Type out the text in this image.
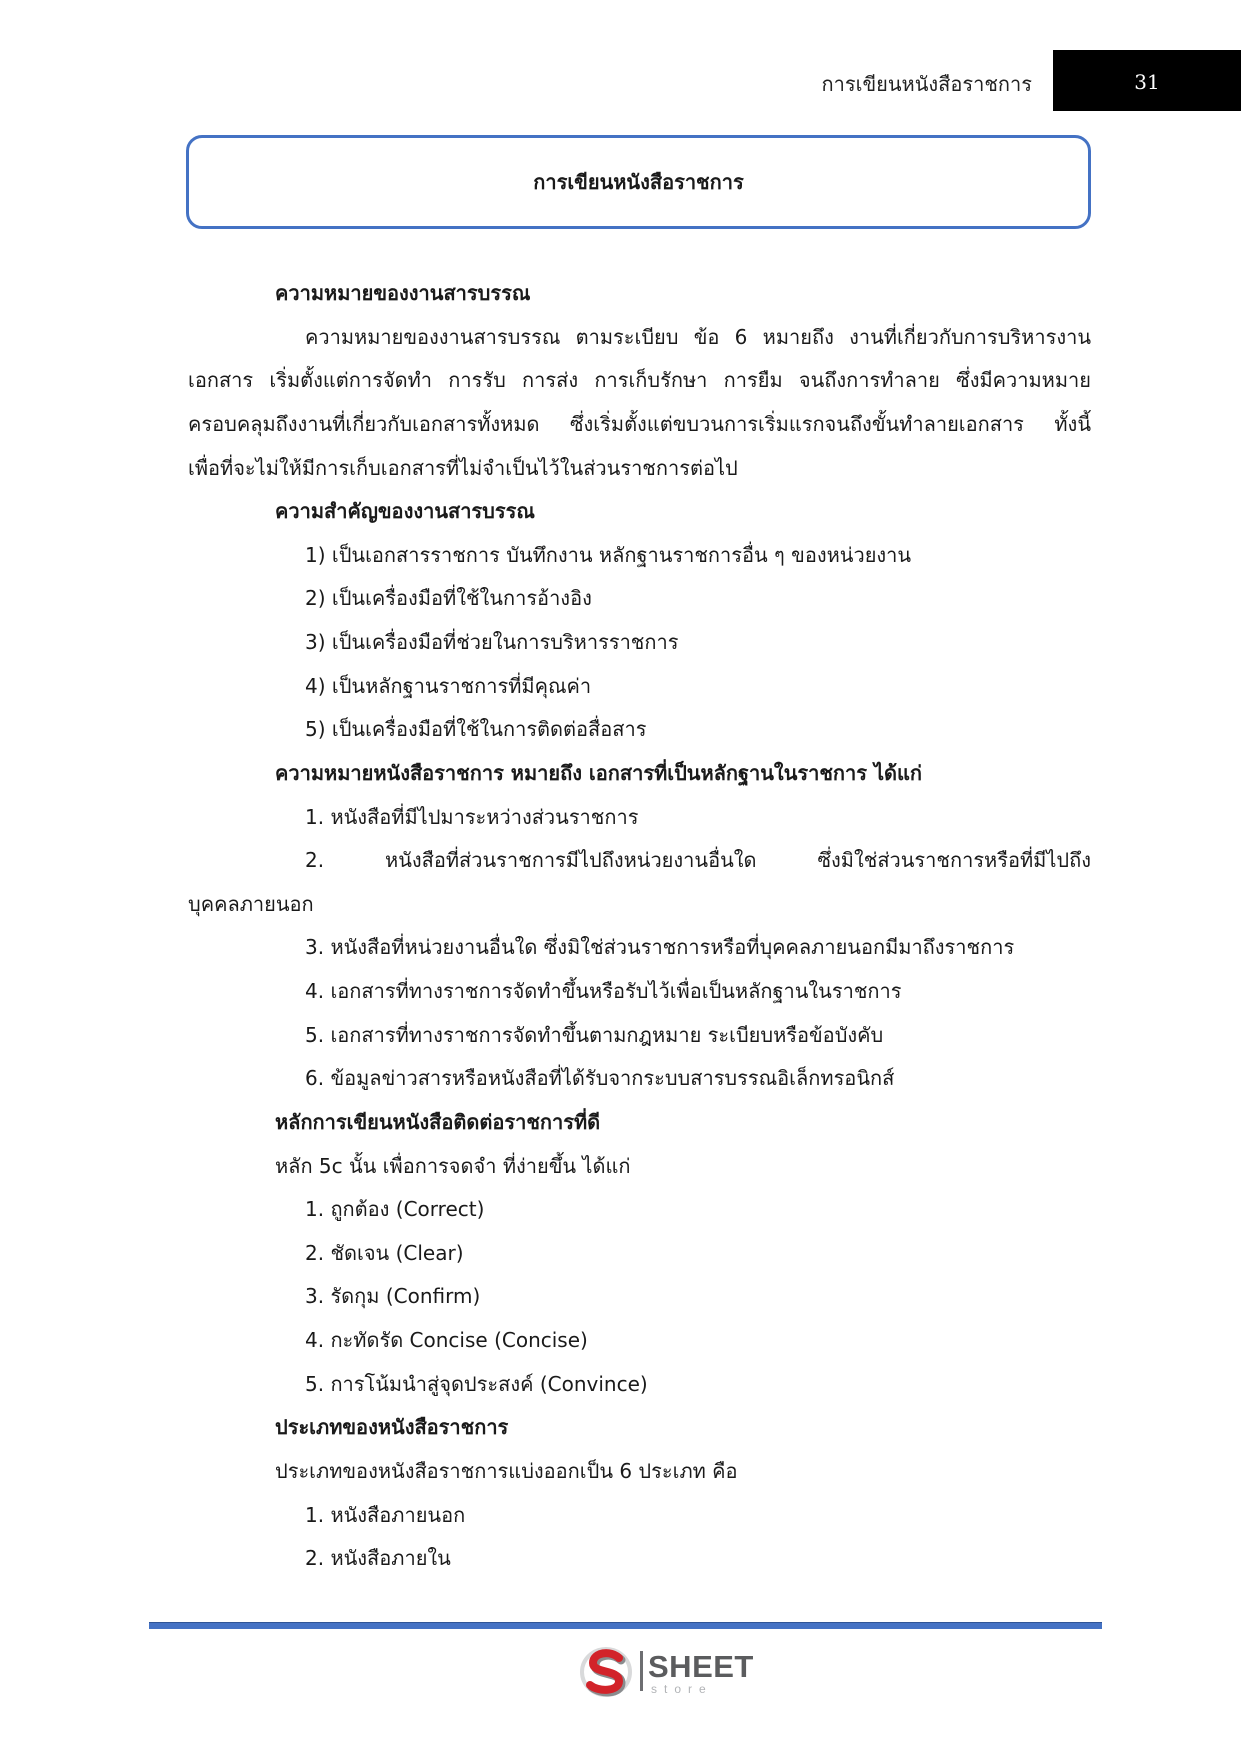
การเขียนหนังสือราชการ	31
การเขียนหนังสือราชการ
ความหมายของงานสารบรรณ
ความหมายของงานสารบรรณ ตามระเบียบ ข้อ 6 หมายถึง งานที่เกี่ยวกับการบริหารงาน
เอกสาร เริ่มตั้งแต่การจัดทำ การรับ การส่ง การเก็บรักษา การยืม จนถึงการทำลาย ซึ่งมีความหมาย
ครอบคลุมถึงงานที่เกี่ยวกับเอกสารทั้งหมด ซึ่งเริ่มตั้งแต่ขบวนการเริ่มแรกจนถึงขั้นทำลายเอกสาร ทั้งนี้
เพื่อที่จะไม่ให้มีการเก็บเอกสารที่ไม่จำเป็นไว้ในส่วนราชการต่อไป
ความสำคัญของงานสารบรรณ
1) เป็นเอกสารราชการ บันทึกงาน หลักฐานราชการอื่น ๆ ของหน่วยงาน
2) เป็นเครื่องมือที่ใช้ในการอ้างอิง
3) เป็นเครื่องมือที่ช่วยในการบริหารราชการ
4) เป็นหลักฐานราชการที่มีคุณค่า
5) เป็นเครื่องมือที่ใช้ในการติดต่อสื่อสาร
ความหมายหนังสือราชการ หมายถึง เอกสารที่เป็นหลักฐานในราชการ ได้แก่
1. หนังสือที่มีไปมาระหว่างส่วนราชการ
2. หนังสือที่ส่วนราชการมีไปถึงหน่วยงานอื่นใด ซึ่งมิใช่ส่วนราชการหรือที่มีไปถึง
บุคคลภายนอก
3. หนังสือที่หน่วยงานอื่นใด ซึ่งมิใช่ส่วนราชการหรือที่บุคคลภายนอกมีมาถึงราชการ
4. เอกสารที่ทางราชการจัดทำขึ้นหรือรับไว้เพื่อเป็นหลักฐานในราชการ
5. เอกสารที่ทางราชการจัดทำขึ้นตามกฎหมาย ระเบียบหรือข้อบังคับ
6. ข้อมูลข่าวสารหรือหนังสือที่ได้รับจากระบบสารบรรณอิเล็กทรอนิกส์
หลักการเขียนหนังสือติดต่อราชการที่ดี
หลัก 5c นั้น เพื่อการจดจำ ที่ง่ายขึ้น ได้แก่
1. ถูกต้อง (Correct)
2. ชัดเจน (Clear)
3. รัดกุม (Confirm)
4. กะทัดรัด Concise (Concise)
5. การโน้มนำสู่จุดประสงค์ (Convince)
ประเภทของหนังสือราชการ
ประเภทของหนังสือราชการแบ่งออกเป็น 6 ประเภท คือ
1. หนังสือภายนอก
2. หนังสือภายใน
SHEET
store
